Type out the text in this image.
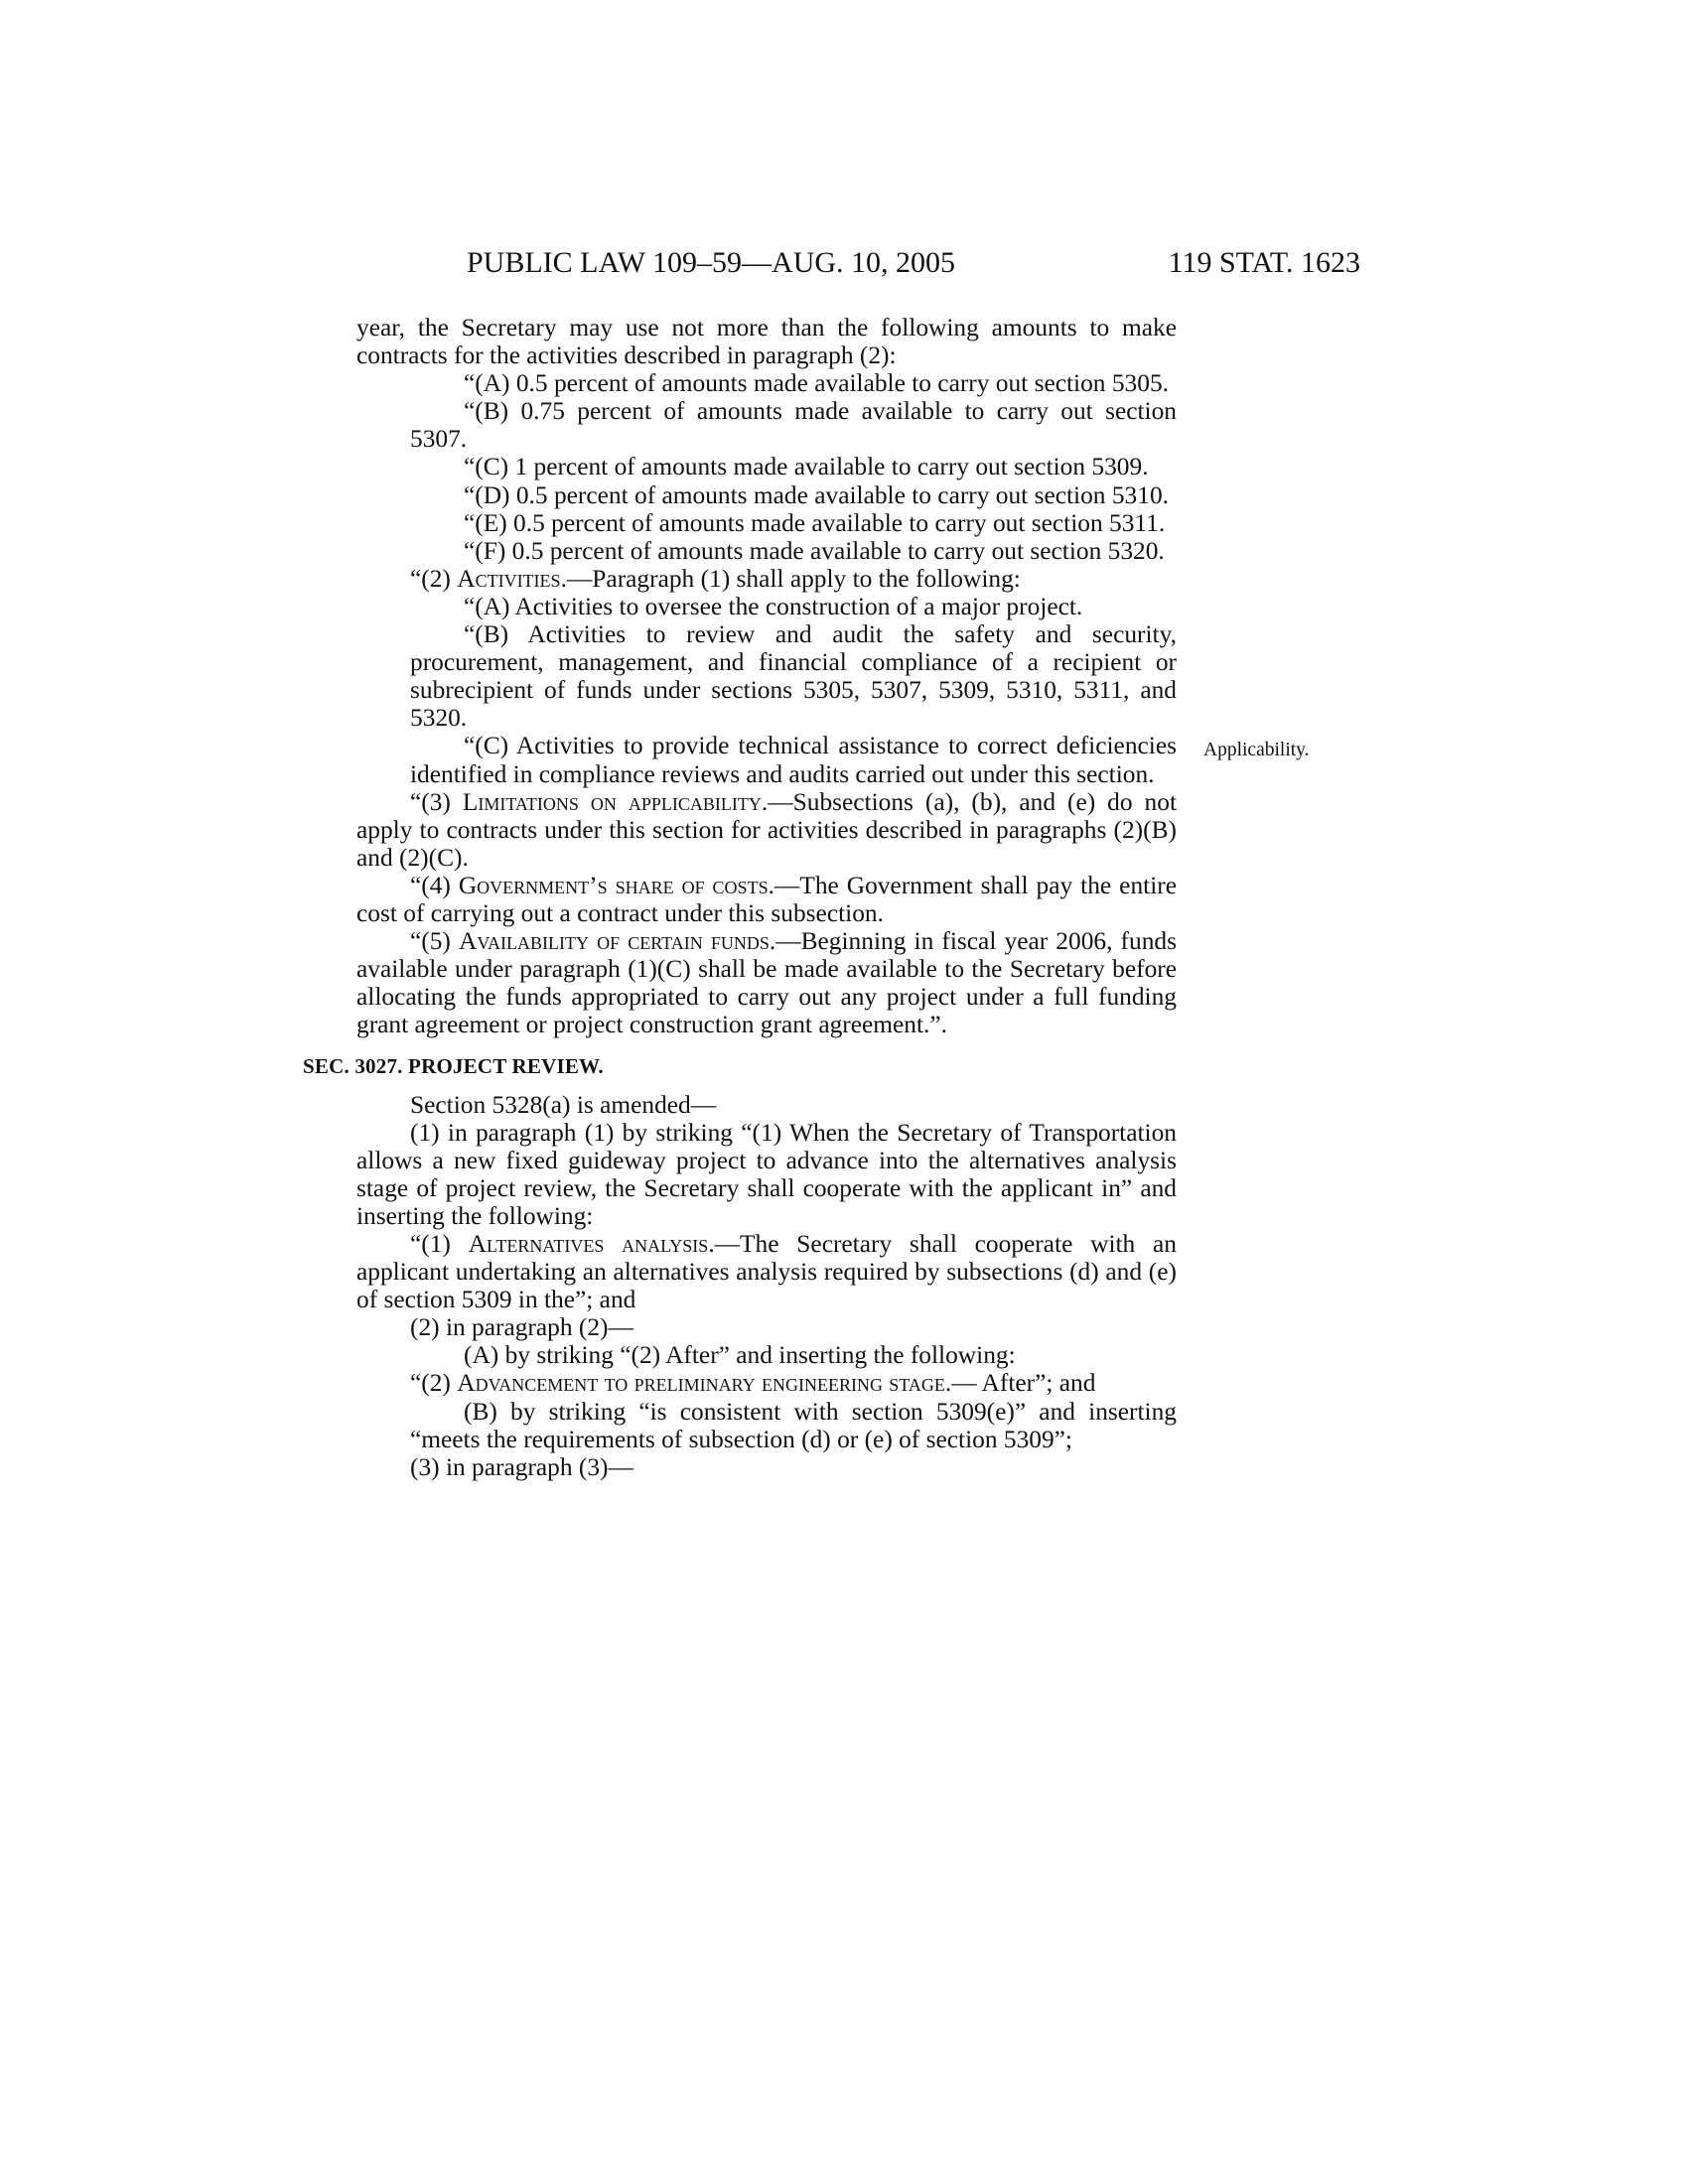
PUBLIC LAW 109–59—AUG. 10, 2005	119 STAT. 1623
Applicability.

year, the Secretary may use not more than the following amounts to make contracts for the activities described in paragraph (2):

“(A) 0.5 percent of amounts made available to carry out section 5305.

“(B) 0.75 percent of amounts made available to carry out section 5307.

“(C) 1 percent of amounts made available to carry out section 5309.

“(D) 0.5 percent of amounts made available to carry out section 5310.

“(E) 0.5 percent of amounts made available to carry out section 5311.

“(F) 0.5 percent of amounts made available to carry out section 5320.

“(2) Activities.—Paragraph (1) shall apply to the following:

“(A) Activities to oversee the construction of a major project.

“(B) Activities to review and audit the safety and security, procurement, management, and financial compliance of a recipient or subrecipient of funds under sections 5305, 5307, 5309, 5310, 5311, and 5320.

“(C) Activities to provide technical assistance to correct deficiencies identified in compliance reviews and audits carried out under this section.

“(3) Limitations on applicability.—Subsections (a), (b), and (e) do not apply to contracts under this section for activities described in paragraphs (2)(B) and (2)(C).

“(4) Government’s share of costs.—The Government shall pay the entire cost of carrying out a contract under this subsection.

“(5) Availability of certain funds.—Beginning in fiscal year 2006, funds available under paragraph (1)(C) shall be made available to the Secretary before allocating the funds appropriated to carry out any project under a full funding grant agreement or project construction grant agreement.”.

SEC. 3027. PROJECT REVIEW.

Section 5328(a) is amended—

(1) in paragraph (1) by striking “(1) When the Secretary of Transportation allows a new fixed guideway project to advance into the alternatives analysis stage of project review, the Secretary shall cooperate with the applicant in” and inserting the following:

“(1) Alternatives analysis.—The Secretary shall cooperate with an applicant undertaking an alternatives analysis required by subsections (d) and (e) of section 5309 in the”; and

(2) in paragraph (2)—

(A) by striking “(2) After” and inserting the following:

“(2) Advancement to preliminary engineering stage.— After”; and

(B) by striking “is consistent with section 5309(e)” and inserting “meets the requirements of subsection (d) or (e) of section 5309”;

(3) in paragraph (3)—
